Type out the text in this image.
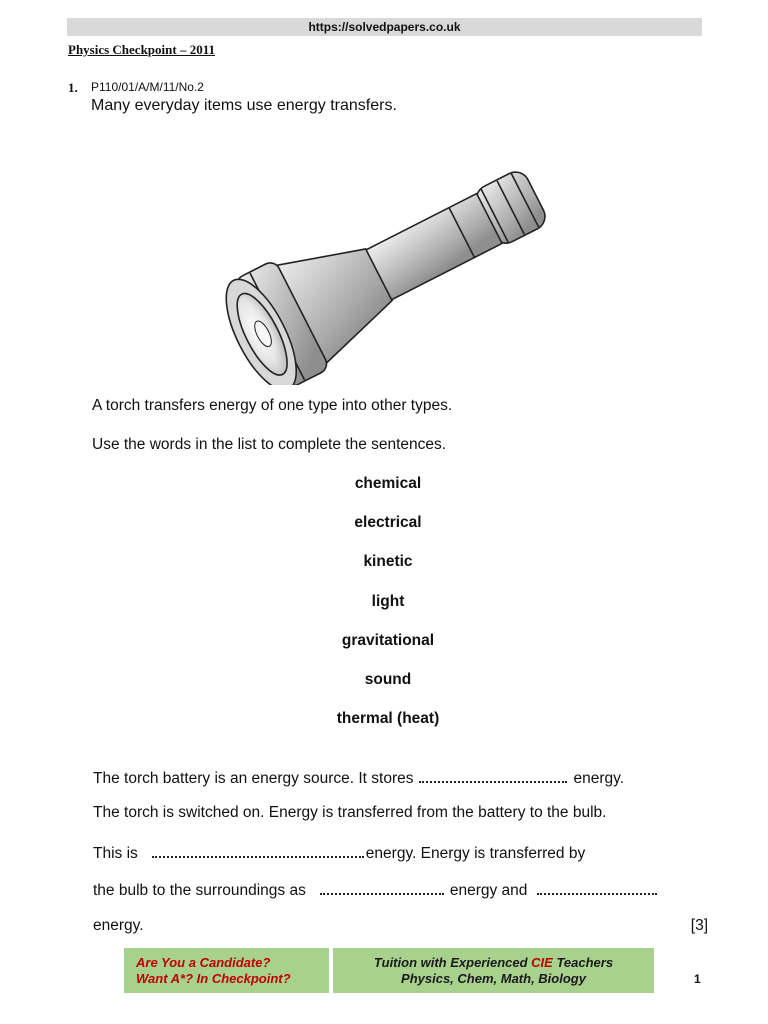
https://solvedpapers.co.uk
Physics Checkpoint – 2011
1. P110/01/A/M/11/No.2
Many everyday items use energy transfers.
A torch transfers energy of one type into other types.
Use the words in the list to complete the sentences.
chemical
electrical
kinetic
light
gravitational
sound
thermal (heat)
The torch battery is an energy source. It stores	energy.
The torch is switched on. Energy is transferred from the battery to the bulb.
This is	energy. Energy is transferred by
the bulb to the surroundings as	energy and
energy.	[3]
Are You a Candidate?
Want A*? In Checkpoint?
Tuition with Experienced CIE Teachers
Physics, Chem, Math, Biology	1
